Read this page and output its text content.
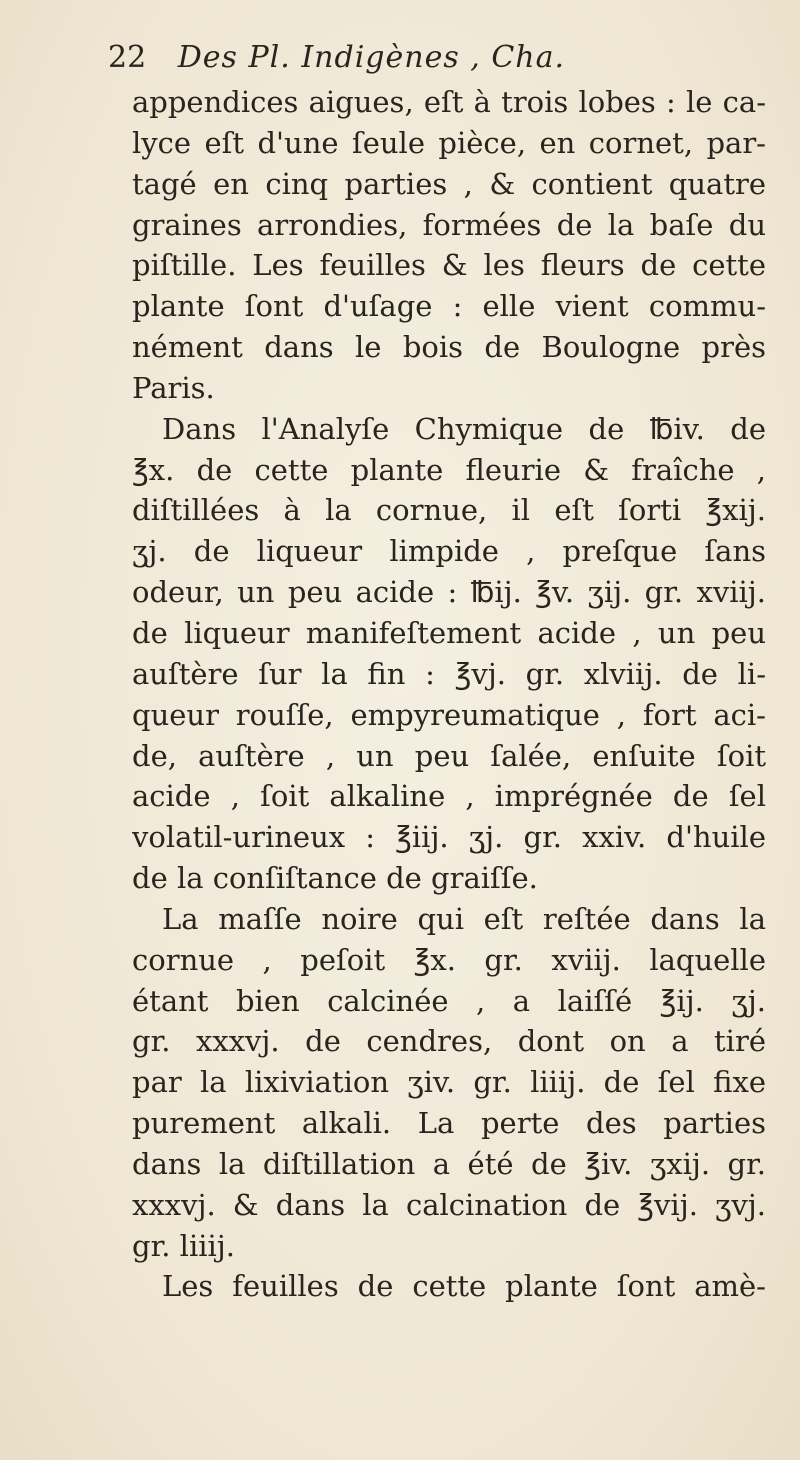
22 Des Pl. Indigènes , Cha.
appendices aigues, eſt à trois lobes : le ca-
lyce eſt d'une ſeule pièce, en cornet, par-
tagé en cinq parties , & contient quatre
graines arrondies, formées de la baſe du
piſtille. Les feuilles & les fleurs de cette
plante ſont d'uſage : elle vient commu-
nément dans le bois de Boulogne près
Paris.
Dans l'Analyſe Chymique de ℔iv. de
℥x. de cette plante fleurie & fraîche ,
diſtillées à la cornue, il eſt ſorti ℥xij.
ʒj. de liqueur limpide , preſque ſans
odeur, un peu acide : ℔ij. ℥v. ʒij. gr. xviij.
de liqueur manifeſtement acide , un peu
auſtère ſur la fin : ℥vj. gr. xlviij. de li-
queur rouſſe, empyreumatique , fort aci-
de, auſtère , un peu ſalée, enſuite ſoit
acide , ſoit alkaline , imprégnée de ſel
volatil-urineux : ℥iij. ʒj. gr. xxiv. d'huile
de la conſiſtance de graiſſe.
La maſſe noire qui eſt reſtée dans la
cornue , peſoit ℥x. gr. xviij. laquelle
étant bien calcinée , a laiſſé ℥ij. ʒj.
gr. xxxvj. de cendres, dont on a tiré
par la lixiviation ʒiv. gr. liiij. de ſel fixe
purement alkali. La perte des parties
dans la diſtillation a été de ℥iv. ʒxij. gr.
xxxvj. & dans la calcination de ℥vij. ʒvj.
gr. liiij.
Les feuilles de cette plante ſont amè-
